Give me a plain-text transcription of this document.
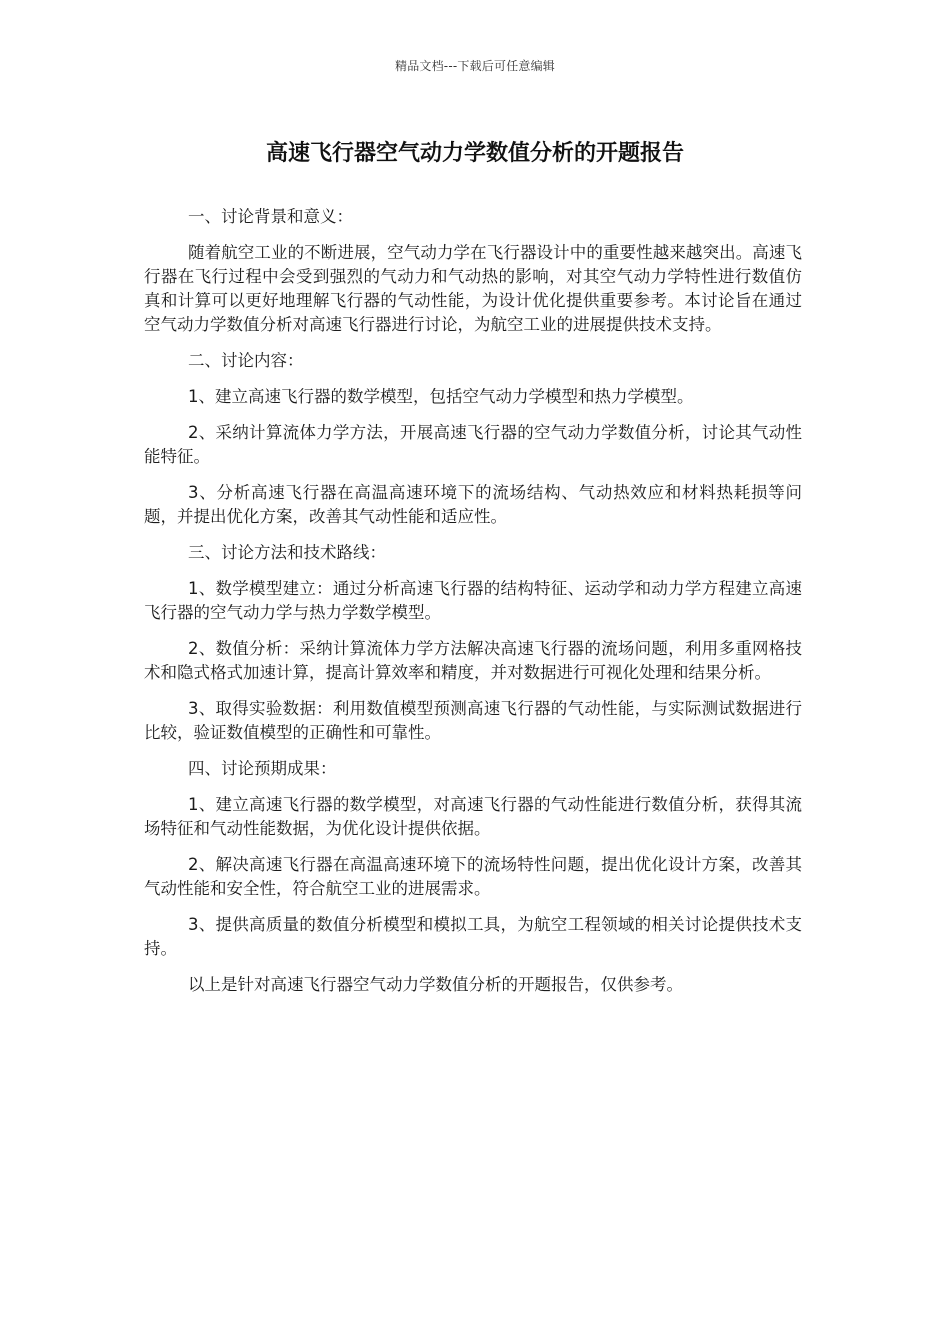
精品文档---下载后可任意编辑
高速飞行器空气动力学数值分析的开题报告

一、讨论背景和意义：

随着航空工业的不断进展，空气动力学在飞行器设计中的重要性越来越突出。高速飞行器在飞行过程中会受到强烈的气动力和气动热的影响，对其空气动力学特性进行数值仿真和计算可以更好地理解飞行器的气动性能，为设计优化提供重要参考。本讨论旨在通过空气动力学数值分析对高速飞行器进行讨论，为航空工业的进展提供技术支持。

二、讨论内容：

1、建立高速飞行器的数学模型，包括空气动力学模型和热力学模型。

2、采纳计算流体力学方法，开展高速飞行器的空气动力学数值分析，讨论其气动性能特征。

3、分析高速飞行器在高温高速环境下的流场结构、气动热效应和材料热耗损等问题，并提出优化方案，改善其气动性能和适应性。

三、讨论方法和技术路线：

1、数学模型建立：通过分析高速飞行器的结构特征、运动学和动力学方程建立高速飞行器的空气动力学与热力学数学模型。

2、数值分析：采纳计算流体力学方法解决高速飞行器的流场问题，利用多重网格技术和隐式格式加速计算，提高计算效率和精度，并对数据进行可视化处理和结果分析。

3、取得实验数据：利用数值模型预测高速飞行器的气动性能，与实际测试数据进行比较，验证数值模型的正确性和可靠性。

四、讨论预期成果：

1、建立高速飞行器的数学模型，对高速飞行器的气动性能进行数值分析，获得其流场特征和气动性能数据，为优化设计提供依据。

2、解决高速飞行器在高温高速环境下的流场特性问题，提出优化设计方案，改善其气动性能和安全性，符合航空工业的进展需求。

3、提供高质量的数值分析模型和模拟工具，为航空工程领域的相关讨论提供技术支持。

以上是针对高速飞行器空气动力学数值分析的开题报告，仅供参考。
